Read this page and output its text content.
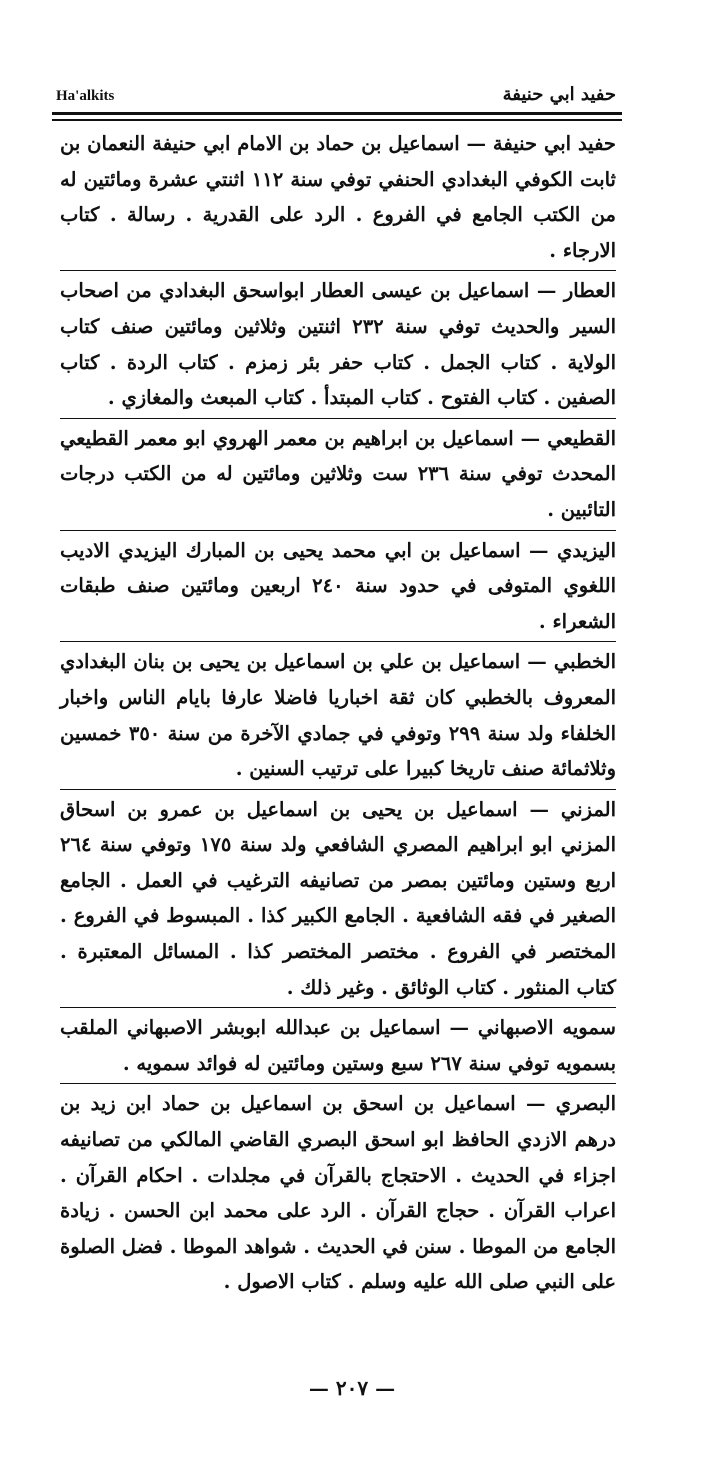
Ha'alkits	حفيد ابي حنيفة

حفيد ابي حنيفة — اسماعيل بن حماد بن الامام ابي حنيفة النعمان بن ثابت الكوفي البغدادي الحنفي توفي سنة ١١٢ اثنتي عشرة ومائتين له من الكتب الجامع في الفروع . الرد على القدرية . رسالة . كتاب الارجاء .

العطار — اسماعيل بن عيسى العطار ابواسحق البغدادي من اصحاب السير والحديث توفي سنة ٢٣٢ اثنتين وثلاثين ومائتين صنف كتاب الولاية . كتاب الجمل . كتاب حفر بئر زمزم . كتاب الردة . كتاب الصفين . كتاب الفتوح . كتاب المبتدأ . كتاب المبعث والمغازي .

القطيعي — اسماعيل بن ابراهيم بن معمر الهروي ابو معمر القطيعي المحدث توفي سنة ٢٣٦ ست وثلاثين ومائتين له من الكتب درجات التائبين .

اليزيدي — اسماعيل بن ابي محمد يحيى بن المبارك اليزيدي الاديب اللغوي المتوفى في حدود سنة ٢٤٠ اربعين ومائتين صنف طبقات الشعراء .

الخطبي — اسماعيل بن علي بن اسماعيل بن يحيى بن بنان البغدادي المعروف بالخطبي كان ثقة اخباريا فاضلا عارفا بايام الناس واخبار الخلفاء ولد سنة ٢٩٩ وتوفي في جمادي الآخرة من سنة ٣٥٠ خمسين وثلاثمائة صنف تاريخا كبيرا على ترتيب السنين .

المزني — اسماعيل بن يحيى بن اسماعيل بن عمرو بن اسحاق المزني ابو ابراهيم المصري الشافعي ولد سنة ١٧٥ وتوفي سنة ٢٦٤ اربع وستين ومائتين بمصر من تصانيفه الترغيب في العمل . الجامع الصغير في فقه الشافعية . الجامع الكبير كذا . المبسوط في الفروع . المختصر في الفروع . مختصر المختصر كذا . المسائل المعتبرة . كتاب المنثور . كتاب الوثائق . وغير ذلك .

سمويه الاصبهاني — اسماعيل بن عبدالله ابوبشر الاصبهاني الملقب بسمويه توفي سنة ٢٦٧ سبع وستين ومائتين له فوائد سمويه .

البصري — اسماعيل بن اسحق بن اسماعيل بن حماد ابن زيد بن درهم الازدي الحافظ ابو اسحق البصري القاضي المالكي من تصانيفه اجزاء في الحديث . الاحتجاج بالقرآن في مجلدات . احكام القرآن . اعراب القرآن . حجاج القرآن . الرد على محمد ابن الحسن . زيادة الجامع من الموطا . سنن في الحديث . شواهد الموطا . فضل الصلوة على النبي صلى الله عليه وسلم . كتاب الاصول .

— ٢٠٧ —
